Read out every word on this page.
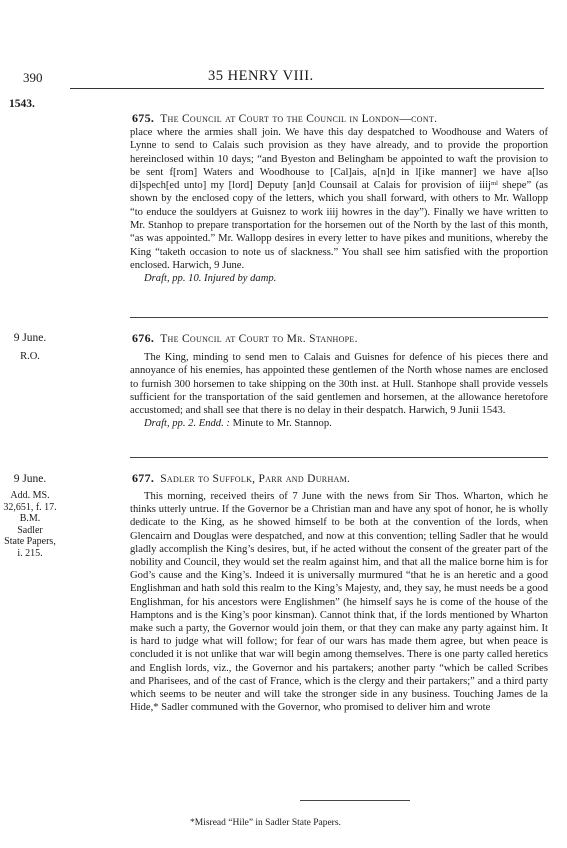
390	35 HENRY VIII.
1543.
675. The Council at Court to the Council in London—cont.

place where the armies shall join. We have this day despatched to Woodhouse and Waters of Lynne to send to Calais such provision as they have already, and to provide the proportion hereinclosed within 10 days; “and Byeston and Belingham be appointed to waft the provision to be sent f[rom] Waters and Woodhouse to [Cal]ais, a[n]d in l[ike manner] we have a[lso di]spech[ed unto] my [lord] Deputy [an]d Counsail at Calais for provision of iiijᵐˡ shepe” (as shown by the enclosed copy of the letters, which you shall forward, with others to Mr. Wallopp “to enduce the souldyers at Guisnez to work iiij howres in the day”). Finally we have written to Mr. Stanhop to prepare transportation for the horsemen out of the North by the last of this month, “as was appointed.” Mr. Wallopp desires in every letter to have pikes and munitions, whereby the King “taketh occasion to note us of slackness.” You shall see him satisfied with the proportion enclosed. Harwich, 9 June.

Draft, pp. 10. Injured by damp.

9 June.
R.O.
676. The Council at Court to Mr. Stanhope.

The King, minding to send men to Calais and Guisnes for defence of his pieces there and annoyance of his enemies, has appointed these gentlemen of the North whose names are enclosed to furnish 300 horsemen to take shipping on the 30th inst. at Hull. Stanhope shall provide vessels sufficient for the transportation of the said gentlemen and horsemen, at the allowance heretofore accustomed; and shall see that there is no delay in their despatch. Harwich, 9 Junii 1543.

Draft, pp. 2. Endd. : Minute to Mr. Stannop.

9 June.
Add. MS.
32,651, f. 17.
B.M.
Sadler
State Papers,
i. 215.
677. Sadler to Suffolk, Parr and Durham.

This morning, received theirs of 7 June with the news from Sir Thos. Wharton, which he thinks utterly untrue. If the Governor be a Christian man and have any spot of honor, he is wholly dedicate to the King, as he showed himself to be both at the convention of the lords, when Glencairn and Douglas were despatched, and now at this convention; telling Sadler that he would gladly accomplish the King’s desires, but, if he acted without the consent of the greater part of the nobility and Council, they would set the realm against him, and that all the malice borne him is for God’s cause and the King’s. Indeed it is universally murmured “that he is an heretic and a good Englishman and hath sold this realm to the King’s Majesty, and, they say, he must needs be a good Englishman, for his ancestors were Englishmen” (he himself says he is come of the house of the Hamptons and is the King’s poor kinsman). Cannot think that, if the lords mentioned by Wharton make such a party, the Governor would join them, or that they can make any party against him. It is hard to judge what will follow; for fear of our wars has made them agree, but when peace is concluded it is not unlike that war will begin among themselves. There is one party called heretics and English lords, viz., the Governor and his partakers; another party “which be called Scribes and Pharisees, and of the cast of France, which is the clergy and their partakers;” and a third party which seems to be neuter and will take the stronger side in any business. Touching James de la Hide,* Sadler communed with the Governor, who promised to deliver him and wrote

*Misread “Hile” in Sadler State Papers.
